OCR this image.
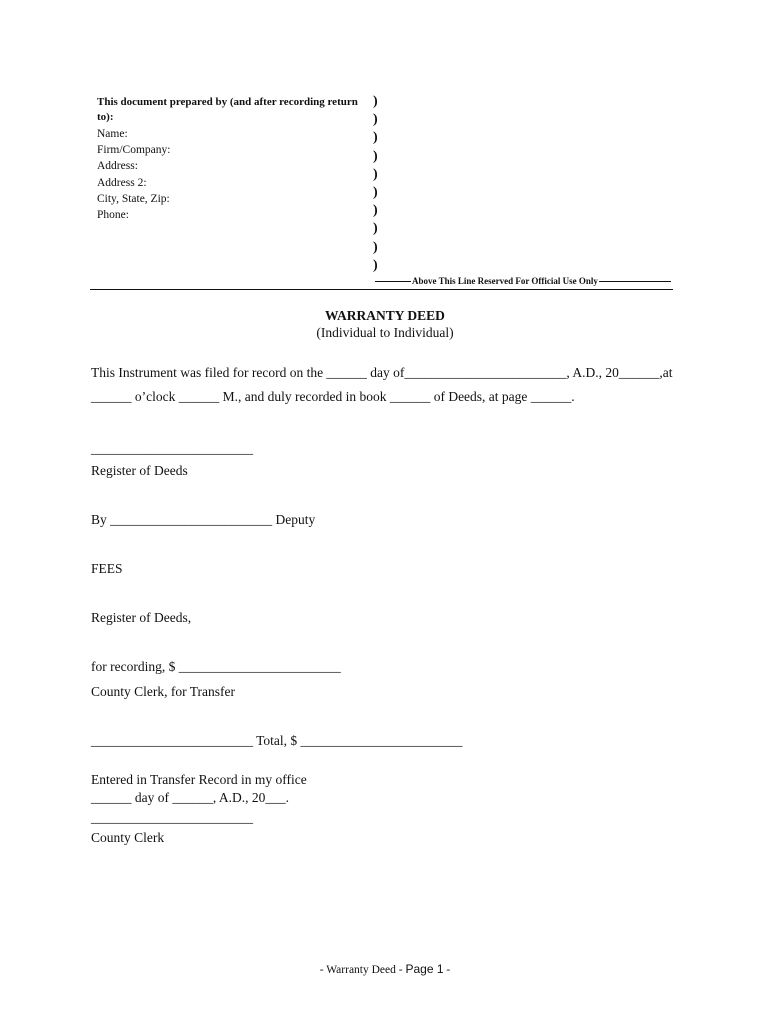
This document prepared by (and after recording return to):
Name:
Firm/Company:
Address:
Address 2:
City, State, Zip:
Phone:
)
)
)
)
)
)
)
)
)
)
Above This Line Reserved For Official Use Only
WARRANTY DEED
(Individual to Individual)
This Instrument was filed for record on the ______ day of________________________, A.D., 20______,at
______ o’clock ______ M., and duly recorded in book ______ of Deeds, at page ______.
________________________
Register of Deeds
By ________________________ Deputy
FEES
Register of Deeds,
for recording, $ ________________________
County Clerk, for Transfer
________________________ Total, $ ________________________
Entered in Transfer Record in my office
______ day of ______, A.D., 20___.
________________________
County Clerk
- Warranty Deed - Page 1 -
